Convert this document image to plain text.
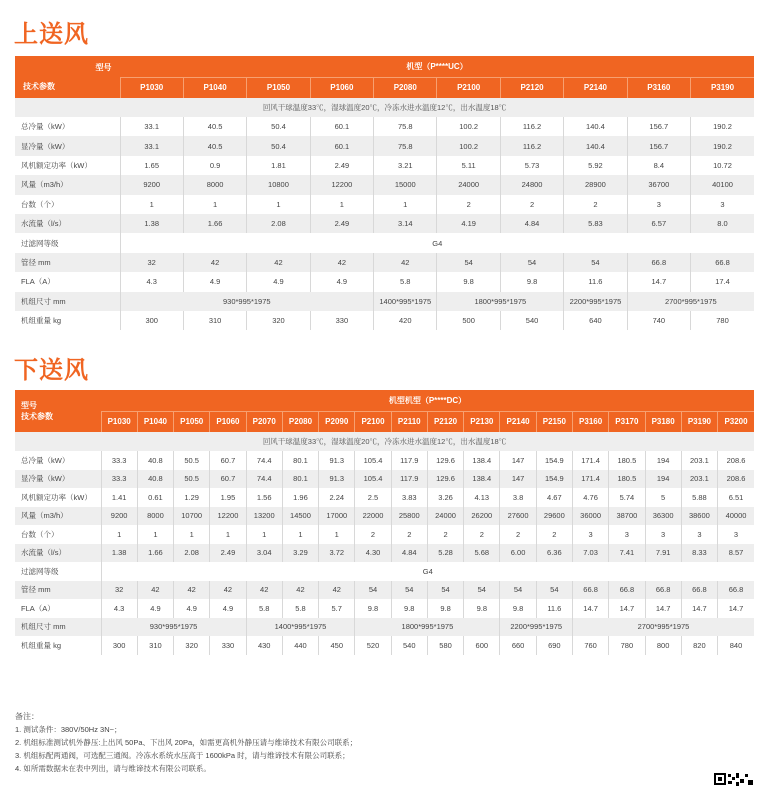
上送风
型号
技术参数	机型（P****UC）									
	P1030	P1040	P1050	P1060	P2080	P2100	P2120	P2140	P3160	P3190
回风干球温度33℃，湿球温度20℃，冷冻水进水温度12℃，出水温度18℃										
总冷量（kW）	33.1	40.5	50.4	60.1	75.8	100.2	116.2	140.4	156.7	190.2
显冷量（kW）	33.1	40.5	50.4	60.1	75.8	100.2	116.2	140.4	156.7	190.2
风机额定功率（kW）	1.65	0.9	1.81	2.49	3.21	5.11	5.73	5.92	8.4	10.72
风量（m3/h）	9200	8000	10800	12200	15000	24000	24800	28900	36700	40100
台数（个）	1	1	1	1	1	2	2	2	3	3
水流量（l/s）	1.38	1.66	2.08	2.49	3.14	4.19	4.84	5.83	6.57	8.0
过滤网等级	G4									
管径 mm	32	42	42	42	42	54	54	54	66.8	66.8
FLA（A）	4.3	4.9	4.9	4.9	5.8	9.8	9.8	11.6	14.7	17.4
机组尺寸 mm	930*995*1975				1400*995*1975	1800*995*1975		2200*995*1975	2700*995*1975	
机组重量 kg	300	310	320	330	420	500	540	640	740	780
下送风
型号
技术参数	机型机型（P****DC）																	
	P1030	P1040	P1050	P1060	P2070	P2080	P2090	P2100	P2110	P2120	P2130	P2140	P2150	P3160	P3170	P3180	P3190	P3200
回风干球温度33℃，湿球温度20℃，冷冻水进水温度12℃，出水温度18℃																		
总冷量（kW）	33.3	40.8	50.5	60.7	74.4	80.1	91.3	105.4	117.9	129.6	138.4	147	154.9	171.4	180.5	194	203.1	208.6
显冷量（kW）	33.3	40.8	50.5	60.7	74.4	80.1	91.3	105.4	117.9	129.6	138.4	147	154.9	171.4	180.5	194	203.1	208.6
风机额定功率（kW）	1.41	0.61	1.29	1.95	1.56	1.96	2.24	2.5	3.83	3.26	4.13	3.8	4.67	4.76	5.74	5	5.88	6.51
风量（m3/h）	9200	8000	10700	12200	13200	14500	17000	22000	25800	24000	26200	27600	29600	36000	38700	36300	38600	40000
台数（个）	1	1	1	1	1	1	1	2	2	2	2	2	2	3	3	3	3	3
水流量（l/s）	1.38	1.66	2.08	2.49	3.04	3.29	3.72	4.30	4.84	5.28	5.68	6.00	6.36	7.03	7.41	7.91	8.33	8.57
过滤网等级	G4																	
管径 mm	32	42	42	42	42	42	42	54	54	54	54	54	54	66.8	66.8	66.8	66.8	66.8
FLA（A）	4.3	4.9	4.9	4.9	5.8	5.8	5.7	9.8	9.8	9.8	9.8	9.8	11.6	14.7	14.7	14.7	14.7	14.7
机组尺寸 mm	930*995*1975				1400*995*1975			1800*995*1975				2200*995*1975		2700*995*1975				
机组重量 kg	300	310	320	330	430	440	450	520	540	580	600	660	690	760	780	800	820	840
备注：
1. 测试条件：380V/50Hz 3N~；
2. 机组标准测试机外静压:上出风 50Pa、下出风 20Pa，如需更高机外静压请与维谛技术有限公司联系；
3. 机组标配两通阀，可选配三通阀。冷冻水系统水压高于 1600kPa 时，请与维谛技术有限公司联系；
4. 如所需数据未在表中列出，请与维谛技术有限公司联系。
